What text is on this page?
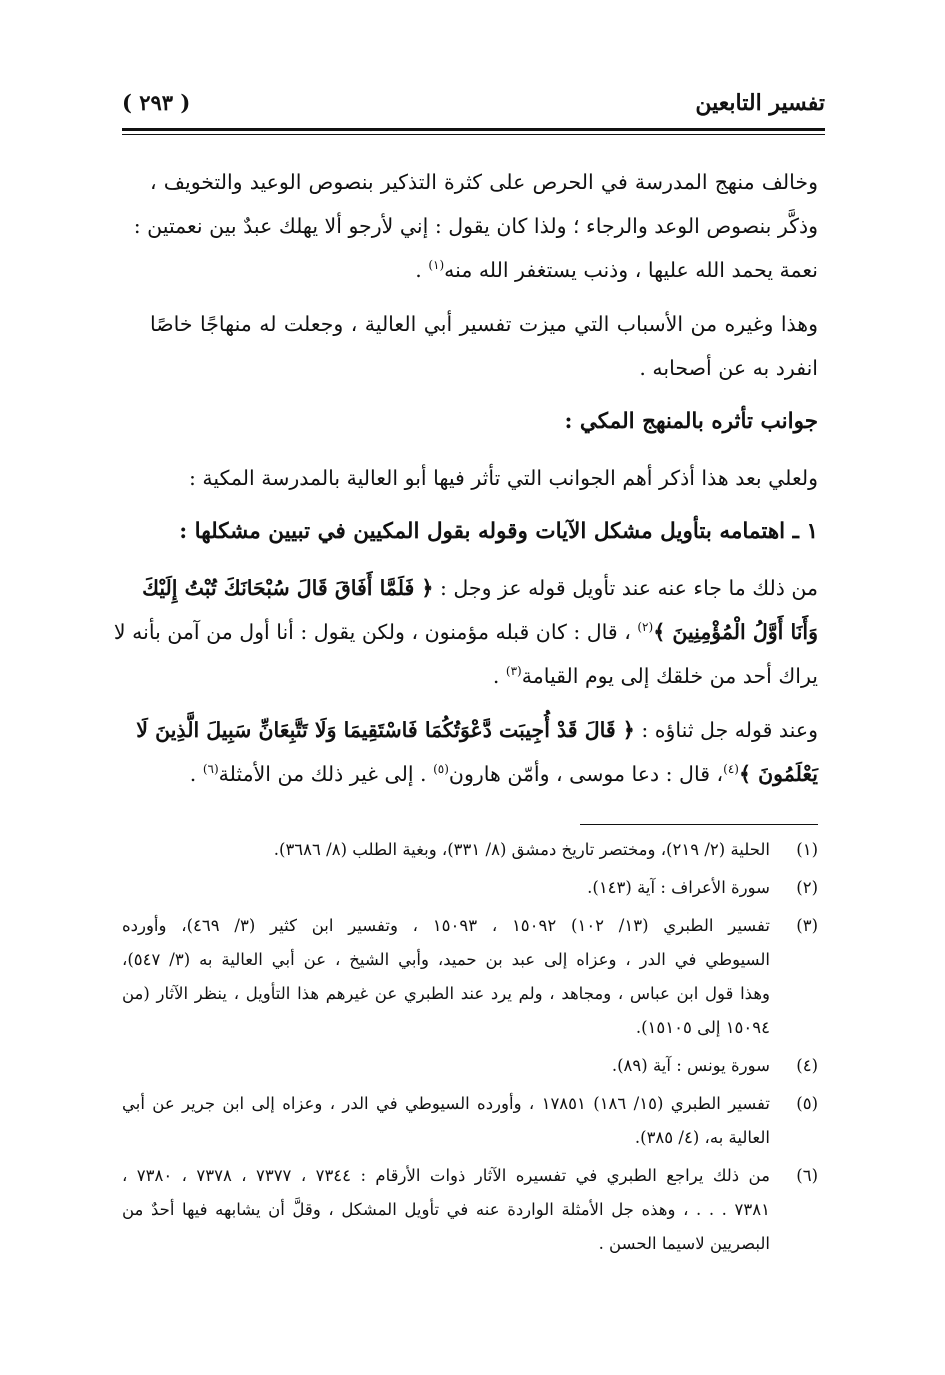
تفسير التابعين
( ٢٩٣ )
وخالف منهج المدرسة في الحرص على كثرة التذكير بنصوص الوعيد والتخويف ،
وذكَّر بنصوص الوعد والرجاء ؛ ولذا كان يقول : إني لأرجو ألا يهلك عبدٌ بين نعمتين :
نعمة يحمد الله عليها ، وذنب يستغفر الله منه$^{(١)}$ .
وهذا وغيره من الأسباب التي ميزت تفسير أبي العالية ، وجعلت له منهاجًا خاصًا
انفرد به عن أصحابه .
جوانب تأثره بالمنهج المكي :
ولعلي بعد هذا أذكر أهم الجوانب التي تأثر فيها أبو العالية بالمدرسة المكية :
١ ـ اهتمامه بتأويل مشكل الآيات وقوله بقول المكيين في تبيين مشكلها :
من ذلك ما جاء عنه عند تأويل قوله عز وجل : ﴿ فَلَمَّا أَفَاقَ قَالَ سُبْحَانَكَ تُبْتُ إِلَيْكَ
وَأَنَا أَوَّلُ الْمُؤْمِنِينَ ﴾$^{(٢)}$ ، قال : كان قبله مؤمنون ، ولكن يقول : أنا أول من آمن بأنه لا
يراك أحد من خلقك إلى يوم القيامة$^{(٣)}$ .
وعند قوله جل ثناؤه : ﴿ قَالَ قَدْ أُجِيبَت دَّعْوَتُكُمَا فَاسْتَقِيمَا وَلَا تَتَّبِعَانِّ سَبِيلَ الَّذِينَ لَا
يَعْلَمُونَ ﴾$^{(٤)}$، قال : دعا موسى ، وأمّن هارون$^{(٥)}$ . إلى غير ذلك من الأمثلة$^{(٦)}$ .
(١)
الحلية (٢/ ٢١٩)، ومختصر تاريخ دمشق (٨/ ٣٣١)، وبغية الطلب (٨/ ٣٦٨٦).
(٢)
سورة الأعراف : آية (١٤٣).
(٣)
تفسير الطبري (١٣/ ١٠٢) ١٥٠٩٢ ، ١٥٠٩٣ ، وتفسير ابن كثير (٣/ ٤٦٩)، وأورده
السيوطي في الدر ، وعزاه إلى عبد بن حميد، وأبي الشيخ ، عن أبي العالية به (٣/ ٥٤٧)،
وهذا قول ابن عباس ، ومجاهد ، ولم يرد عند الطبري عن غيرهم هذا التأويل ، ينظر الآثار (من
١٥٠٩٤ إلى ١٥١٠٥).
(٤)
سورة يونس : آية (٨٩).
(٥)
تفسير الطبري (١٥/ ١٨٦) ١٧٨٥١ ، وأورده السيوطي في الدر ، وعزاه إلى ابن جرير عن أبي
العالية به، (٤/ ٣٨٥).
(٦)
من ذلك يراجع الطبري في تفسيره الآثار ذوات الأرقام : ٧٣٤٤ ، ٧٣٧٧ ، ٧٣٧٨ ، ٧٣٨٠ ،
٧٣٨١ . . . ، وهذه جل الأمثلة الواردة عنه في تأويل المشكل ، وقلَّ أن يشابهه فيها أحدٌ من
البصريين لاسيما الحسن .
